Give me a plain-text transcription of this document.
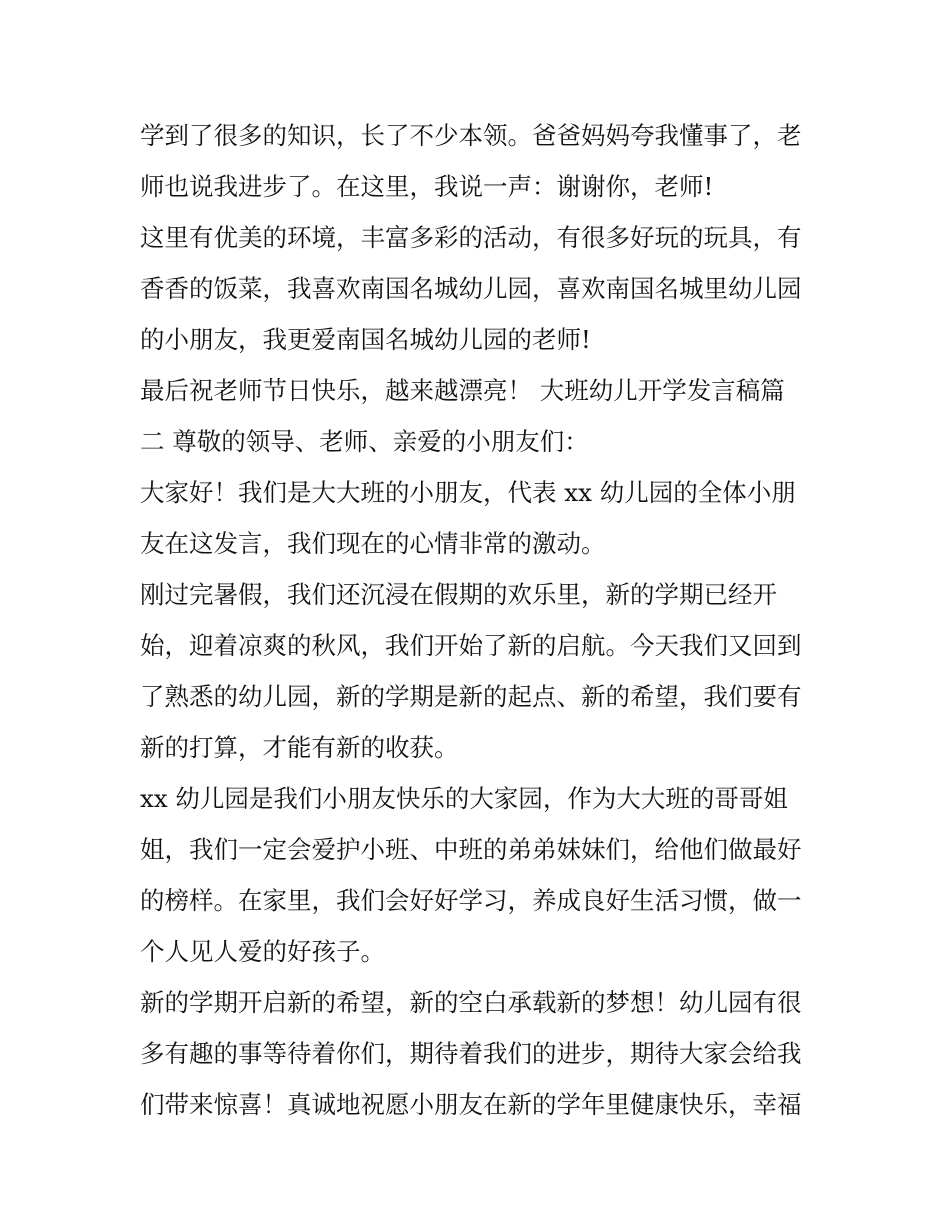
学到了很多的知识，长了不少本领。爸爸妈妈夸我懂事了，老

师也说我进步了。在这里，我说一声：谢谢你，老师!

这里有优美的环境，丰富多彩的活动，有很多好玩的玩具，有

香香的饭菜，我喜欢南国名城幼儿园，喜欢南国名城里幼儿园

的小朋友，我更爱南国名城幼儿园的老师!

最后祝老师节日快乐，越来越漂亮！ 大班幼儿开学发言稿篇

二 尊敬的领导、老师、亲爱的小朋友们：

大家好！我们是大大班的小朋友，代表 xx 幼儿园的全体小朋

友在这发言，我们现在的心情非常的激动。

刚过完暑假，我们还沉浸在假期的欢乐里，新的学期已经开

始，迎着凉爽的秋风，我们开始了新的启航。今天我们又回到

了熟悉的幼儿园，新的学期是新的起点、新的希望，我们要有

新的打算，才能有新的收获。

xx 幼儿园是我们小朋友快乐的大家园，作为大大班的哥哥姐

姐，我们一定会爱护小班、中班的弟弟妹妹们，给他们做最好

的榜样。在家里，我们会好好学习，养成良好生活习惯，做一

个人见人爱的好孩子。

新的学期开启新的希望，新的空白承载新的梦想！幼儿园有很

多有趣的事等待着你们，期待着我们的进步，期待大家会给我

们带来惊喜！真诚地祝愿小朋友在新的学年里健康快乐，幸福
